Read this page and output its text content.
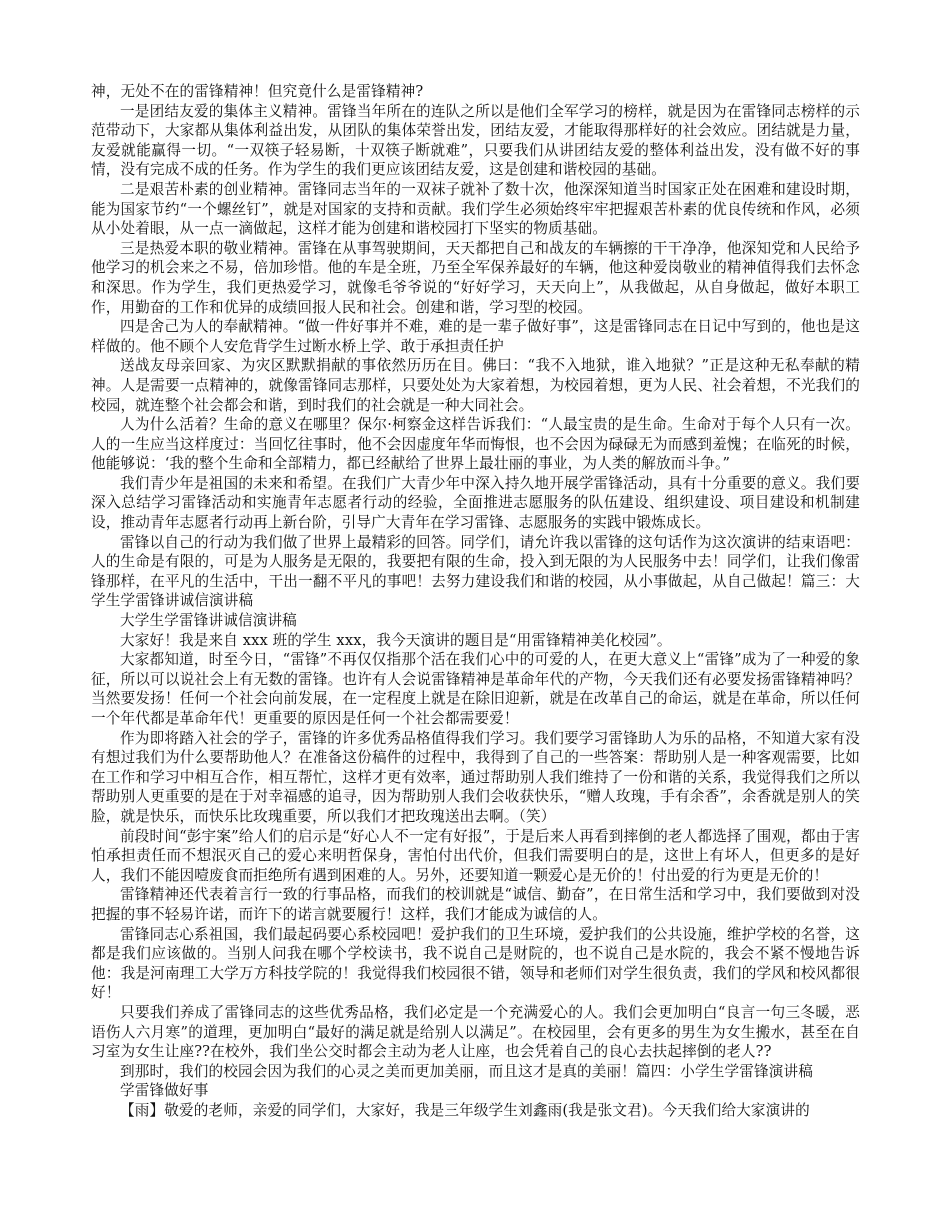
神，无处不在的雷锋精神！但究竟什么是雷锋精神?

一是团结友爱的集体主义精神。雷锋当年所在的连队之所以是他们全军学习的榜样，就是因为在雷锋同志榜样的示范带动下，大家都从集体利益出发，从团队的集体荣誉出发，团结友爱，才能取得那样好的社会效应。团结就是力量，友爱就能赢得一切。“一双筷子轻易断，十双筷子断就难”，只要我们从讲团结友爱的整体利益出发，没有做不好的事情，没有完成不成的任务。作为学生的我们更应该团结友爱，这是创建和谐校园的基础。

二是艰苦朴素的创业精神。雷锋同志当年的一双袜子就补了数十次，他深深知道当时国家正处在困难和建设时期，能为国家节约“一个螺丝钉”，就是对国家的支持和贡献。我们学生必须始终牢牢把握艰苦朴素的优良传统和作风，必须从小处着眼，从一点一滴做起，这样才能为创建和谐校园打下坚实的物质基础。

三是热爱本职的敬业精神。雷锋在从事驾驶期间，天天都把自己和战友的车辆擦的干干净净，他深知党和人民给予他学习的机会来之不易，倍加珍惜。他的车是全班，乃至全军保养最好的车辆，他这种爱岗敬业的精神值得我们去怀念和深思。作为学生，我们更热爱学习，就像毛爷爷说的“好好学习，天天向上”，从我做起，从自身做起，做好本职工作，用勤奋的工作和优异的成绩回报人民和社会。创建和谐，学习型的校园。

四是舍己为人的奉献精神。“做一件好事并不难，难的是一辈子做好事”，这是雷锋同志在日记中写到的，他也是这样做的。他不顾个人安危背学生过断水桥上学、敢于承担责任护

送战友母亲回家、为灾区默默捐献的事依然历历在目。佛曰：“我不入地狱，谁入地狱？”正是这种无私奉献的精神。人是需要一点精神的，就像雷锋同志那样，只要处处为大家着想，为校园着想，更为人民、社会着想，不光我们的校园，就连整个社会都会和谐，到时我们的社会就是一种大同社会。

人为什么活着？生命的意义在哪里？保尔·柯察金这样告诉我们：“人最宝贵的是生命。生命对于每个人只有一次。人的一生应当这样度过：当回忆往事时，他不会因虚度年华而悔恨，也不会因为碌碌无为而感到羞愧；在临死的时候，他能够说：‘我的整个生命和全部精力，都已经献给了世界上最壮丽的事业，为人类的解放而斗争。”

我们青少年是祖国的未来和希望。在我们广大青少年中深入持久地开展学雷锋活动，具有十分重要的意义。我们要深入总结学习雷锋活动和实施青年志愿者行动的经验，全面推进志愿服务的队伍建设、组织建设、项目建设和机制建设，推动青年志愿者行动再上新台阶，引导广大青年在学习雷锋、志愿服务的实践中锻炼成长。

雷锋以自己的行动为我们做了世界上最精彩的回答。同学们，请允许我以雷锋的这句话作为这次演讲的结束语吧：人的生命是有限的，可是为人服务是无限的，我要把有限的生命，投入到无限的为人民服务中去！同学们，让我们像雷锋那样，在平凡的生活中，干出一翻不平凡的事吧！去努力建设我们和谐的校园，从小事做起，从自己做起！篇三：大学生学雷锋讲诚信演讲稿

大学生学雷锋讲诚信演讲稿

大家好！我是来自 xxx 班的学生 xxx，我今天演讲的题目是“用雷锋精神美化校园”。

大家都知道，时至今日，“雷锋”不再仅仅指那个活在我们心中的可爱的人，在更大意义上“雷锋”成为了一种爱的象征，所以可以说社会上有无数的雷锋。也许有人会说雷锋精神是革命年代的产物，今天我们还有必要发扬雷锋精神吗？当然要发扬！任何一个社会向前发展，在一定程度上就是在除旧迎新，就是在改革自己的命运，就是在革命，所以任何一个年代都是革命年代！更重要的原因是任何一个社会都需要爱！

作为即将踏入社会的学子，雷锋的许多优秀品格值得我们学习。我们要学习雷锋助人为乐的品格，不知道大家有没有想过我们为什么要帮助他人？在准备这份稿件的过程中，我得到了自己的一些答案：帮助别人是一种客观需要，比如在工作和学习中相互合作，相互帮忙，这样才更有效率，通过帮助别人我们维持了一份和谐的关系，我觉得我们之所以帮助别人更重要的是在于对幸福感的追寻，因为帮助别人我们会收获快乐，“赠人玫瑰，手有余香”，余香就是别人的笑脸，就是快乐，而快乐比玫瑰重要，所以我们才把玫瑰送出去啊。（笑）

前段时间“彭宇案”给人们的启示是“好心人不一定有好报”，于是后来人再看到摔倒的老人都选择了围观，都由于害怕承担责任而不想泯灭自己的爱心来明哲保身，害怕付出代价，但我们需要明白的是，这世上有坏人，但更多的是好人，我们不能因噎废食而拒绝所有遇到困难的人。另外，还要知道一颗爱心是无价的！付出爱的行为更是无价的！

雷锋精神还代表着言行一致的行事品格，而我们的校训就是“诚信、勤奋”，在日常生活和学习中，我们要做到对没把握的事不轻易许诺，而许下的诺言就要履行！这样，我们才能成为诚信的人。

雷锋同志心系祖国，我们最起码要心系校园吧！爱护我们的卫生环境，爱护我们的公共设施，维护学校的名誉，这都是我们应该做的。当别人问我在哪个学校读书，我不说自己是财院的，也不说自己是水院的，我会不紧不慢地告诉他：我是河南理工大学万方科技学院的！我觉得我们校园很不错，领导和老师们对学生很负责，我们的学风和校风都很好！

只要我们养成了雷锋同志的这些优秀品格，我们必定是一个充满爱心的人。我们会更加明白“良言一句三冬暖，恶语伤人六月寒”的道理，更加明白“最好的满足就是给别人以满足”。在校园里，会有更多的男生为女生搬水，甚至在自习室为女生让座??在校外，我们坐公交时都会主动为老人让座，也会凭着自己的良心去扶起摔倒的老人??

到那时，我们的校园会因为我们的心灵之美而更加美丽，而且这才是真的美丽！篇四：小学生学雷锋演讲稿

学雷锋做好事

【雨】敬爱的老师，亲爱的同学们，大家好，我是三年级学生刘鑫雨(我是张文君)。今天我们给大家演讲的
